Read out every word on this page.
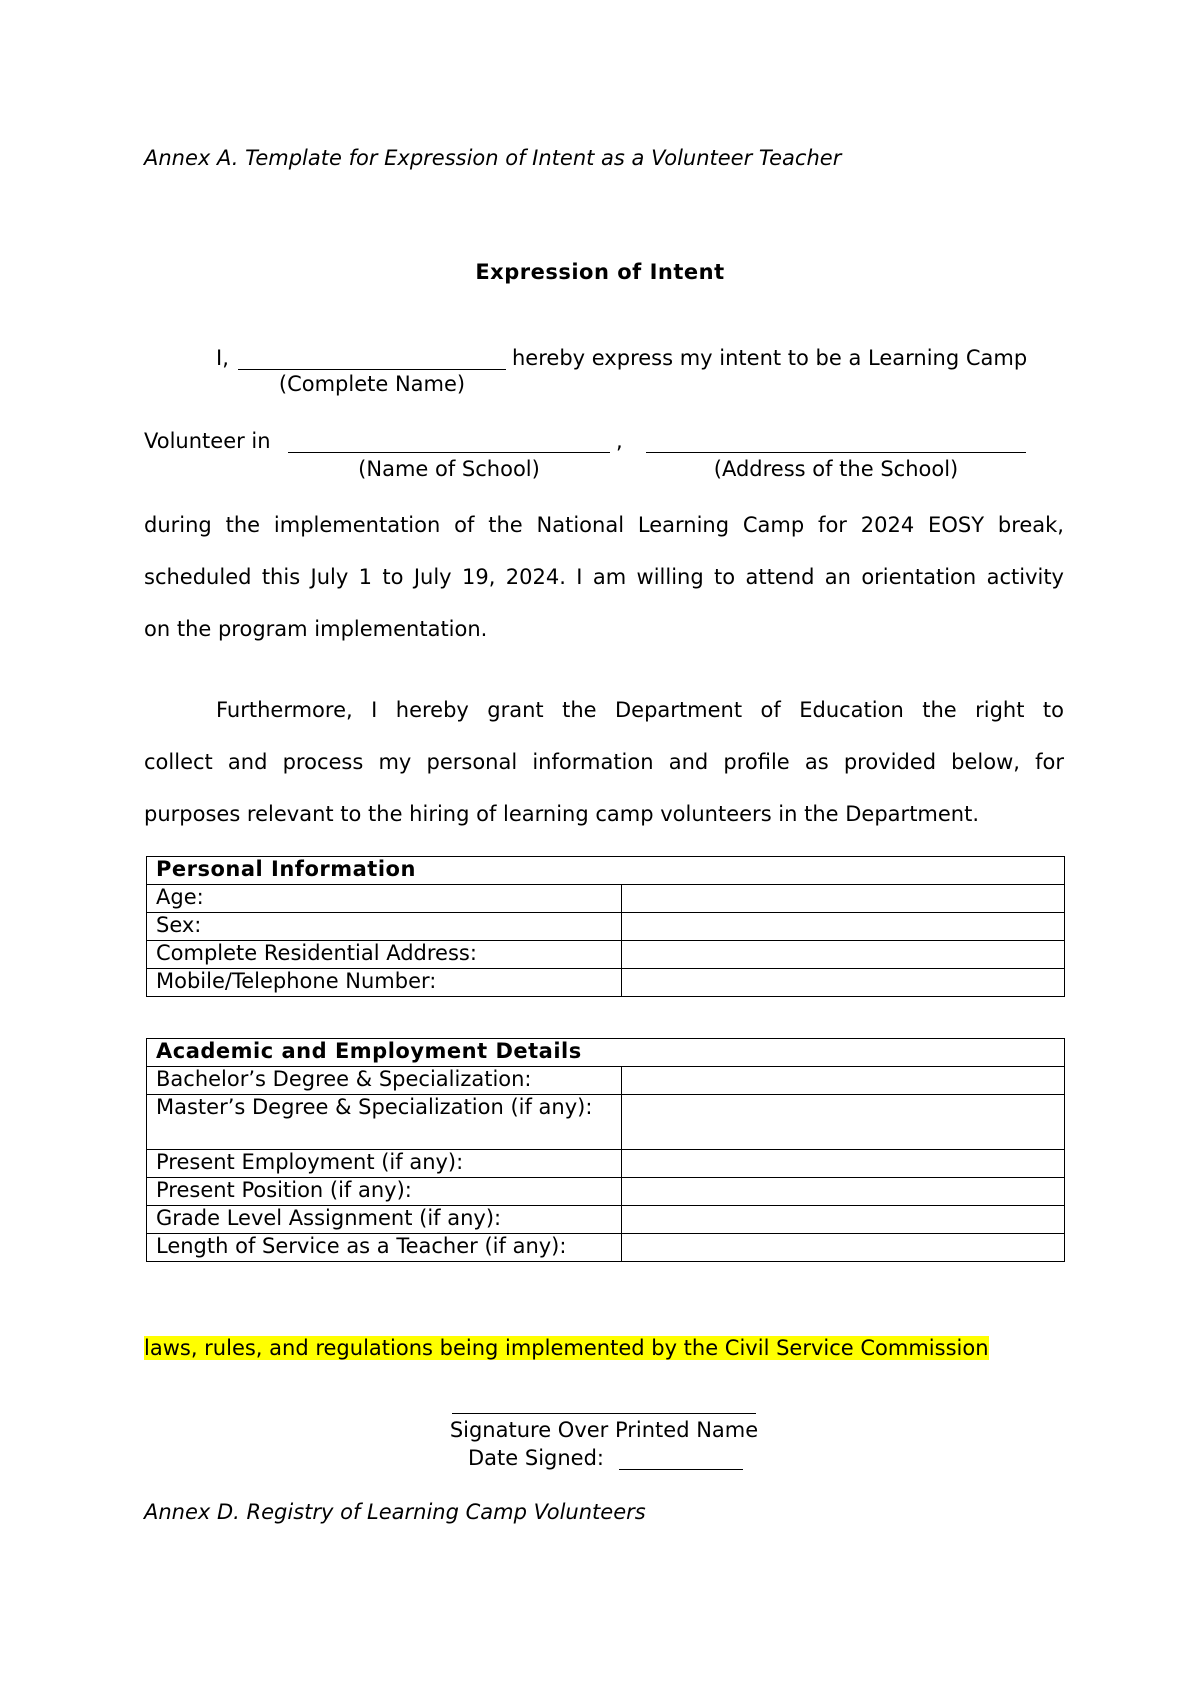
Annex A. Template for Expression of Intent as a Volunteer Teacher
Expression of Intent
I,	hereby express my intent to be a Learning Camp
(Complete Name)
Volunteer in	,
(Name of School)	(Address of the School)
during the implementation of the National Learning Camp for 2024 EOSY break,
scheduled this July 1 to July 19, 2024. I am willing to attend an orientation activity
on the program implementation.
Furthermore, I hereby grant the Department of Education the right to
collect and process my personal information and profile as provided below, for
purposes relevant to the hiring of learning camp volunteers in the Department.
Personal Information	
Age:	
Sex:	
Complete Residential Address:	
Mobile/Telephone Number:	
Academic and Employment Details	
Bachelor’s Degree & Specialization:	
Master’s Degree & Specialization (if any):	
Present Employment (if any):	
Present Position (if any):	
Grade Level Assignment (if any):	
Length of Service as a Teacher (if any):	
laws, rules, and regulations being implemented by the Civil Service Commission
Signature Over Printed Name
Date Signed:
Annex D. Registry of Learning Camp Volunteers
